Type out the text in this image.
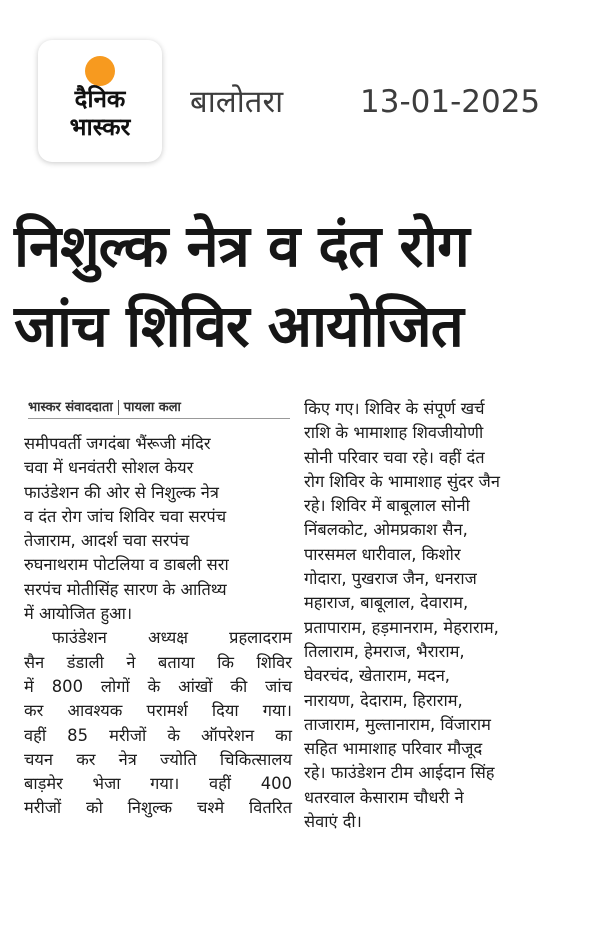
दैनिक
भास्कर
बालोतरा 13-01-2025
निशुल्क नेत्र व दंत रोग
जांच शिविर आयोजित
भास्कर संवाददाता पायला कला

समीपवर्ती जगदंबा भैंरूजी मंदिर
चवा में धनवंतरी सोशल केयर
फाउंडेशन की ओर से निशुल्क नेत्र
व दंत रोग जांच शिविर चवा सरपंच
तेजाराम, आदर्श चवा सरपंच
रुघनाथराम पोटलिया व डाबली सरा
सरपंच मोतीसिंह सारण के आतिथ्य
में आयोजित हुआ।

फाउंडेशन अध्यक्ष प्रहलादराम
सैन डंडाली ने बताया कि शिविर
में 800 लोगों के आंखों की जांच
कर आवश्यक परामर्श दिया गया।
वहीं 85 मरीजों के ऑपरेशन का
चयन कर नेत्र ज्योति चिकित्सालय
बाड़मेर भेजा गया। वहीं 400
मरीजों को निशुल्क चश्मे वितरित

किए गए। शिविर के संपूर्ण खर्च
राशि के भामाशाह शिवजीयोणी
सोनी परिवार चवा रहे। वहीं दंत
रोग शिविर के भामाशाह सुंदर जैन
रहे। शिविर में बाबूलाल सोनी
निंबलकोट, ओमप्रकाश सैन,
पारसमल धारीवाल, किशोर
गोदारा, पुखराज जैन, धनराज
महाराज, बाबूलाल, देवाराम,
प्रतापाराम, हड़मानराम, मेहराराम,
तिलाराम, हेमराज, भैराराम,
घेवरचंद, खेताराम, मदन,
नारायण, देदाराम, हिराराम,
ताजाराम, मुल्तानाराम, विंजाराम
सहित भामाशाह परिवार मौजूद
रहे। फाउंडेशन टीम आईदान सिंह
धतरवाल केसाराम चौधरी ने
सेवाएं दी।
